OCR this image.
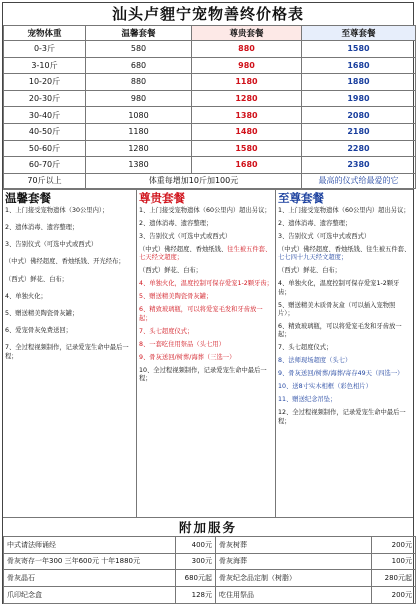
汕头卢貍宁宠物善终价格表
宠物体重	温馨套餐	尊贵套餐	至尊套餐
0-3斤	580	880	1580
3-10斤	680	980	1680
10-20斤	880	1180	1880
20-30斤	980	1280	1980
30-40斤	1080	1380	2080
40-50斤	1180	1480	2180
50-60斤	1280	1580	2280
60-70斤	1380	1680	2380
70斤以上	体重每增加10斤加100元		最高的仪式给最爱的它
温馨套餐
1、上门接受宠物遗体（30公里内）；
2、遗体消毒、遗容整理；
3、告别仪式（可选中式或西式）
（中式）佛经超度、香烛纸钱、开光经布；
（西式）鲜花、白布；
4、单独火化；
5、赠送精美陶瓷骨灰罐；
6、爱宠骨灰免费送回；
7、全过程视频制作，记录爱宠生命中最后一程；
尊贵套餐
1、上门接受宠物遗体（60公里内）超出另议；
2、遗体消毒、遗容整理；
3、告别仪式（可选中式或西式）
（中式）佛经超度、香烛纸钱、往生被五件套、七天经文超度；
（西式）鲜花、白布；
4、单独火化，温度控制可保存爱宠1-2颗牙齿；
5、赠送精美陶瓷骨灰罐；
6、精致玻璃瓶，可以将爱宠毛发和牙齿放一起；
7、头七超度仪式；
8、一套吃住用祭品（头七用）
9、骨灰送回/树葬/海葬（三选一）
10、全过程视频制作，记录爱宠生命中最后一程；
至尊套餐
1、上门接受宠物遗体（60公里内）超出另议；
2、遗体消毒、遗容整理；
3、告别仪式（可选中式或西式）
（中式）佛经超度、香烛纸钱、往生被五件套、七七四十九天经文超度；
（西式）鲜花、白布；
4、单独火化，温度控制可保存爱宠1-2颗牙齿；
5、赠送精美木质骨灰盒（可以插入宠物照片）；
6、精致玻璃瓶，可以将爱宠毛发和牙齿放一起；
7、头七超度仪式；
8、法师现场超度（头七）
9、骨灰送回/树葬/海葬/寄存49天（四选一）
10、送8寸实木相框（彩色相片）
11、赠送纪念吊坠；
12、全过程视频制作，记录爱宠生命中最后一程；
附加服务
中式请法师诵经	400元	骨灰树葬	200元
骨灰寄存一年300 三年600元 十年1880元	300元	骨灰海葬	100元
骨灰晶石	680元起	骨灰纪念品定制（树脂）	280元起
爪印纪念盒	128元	吃住用祭品	200元
